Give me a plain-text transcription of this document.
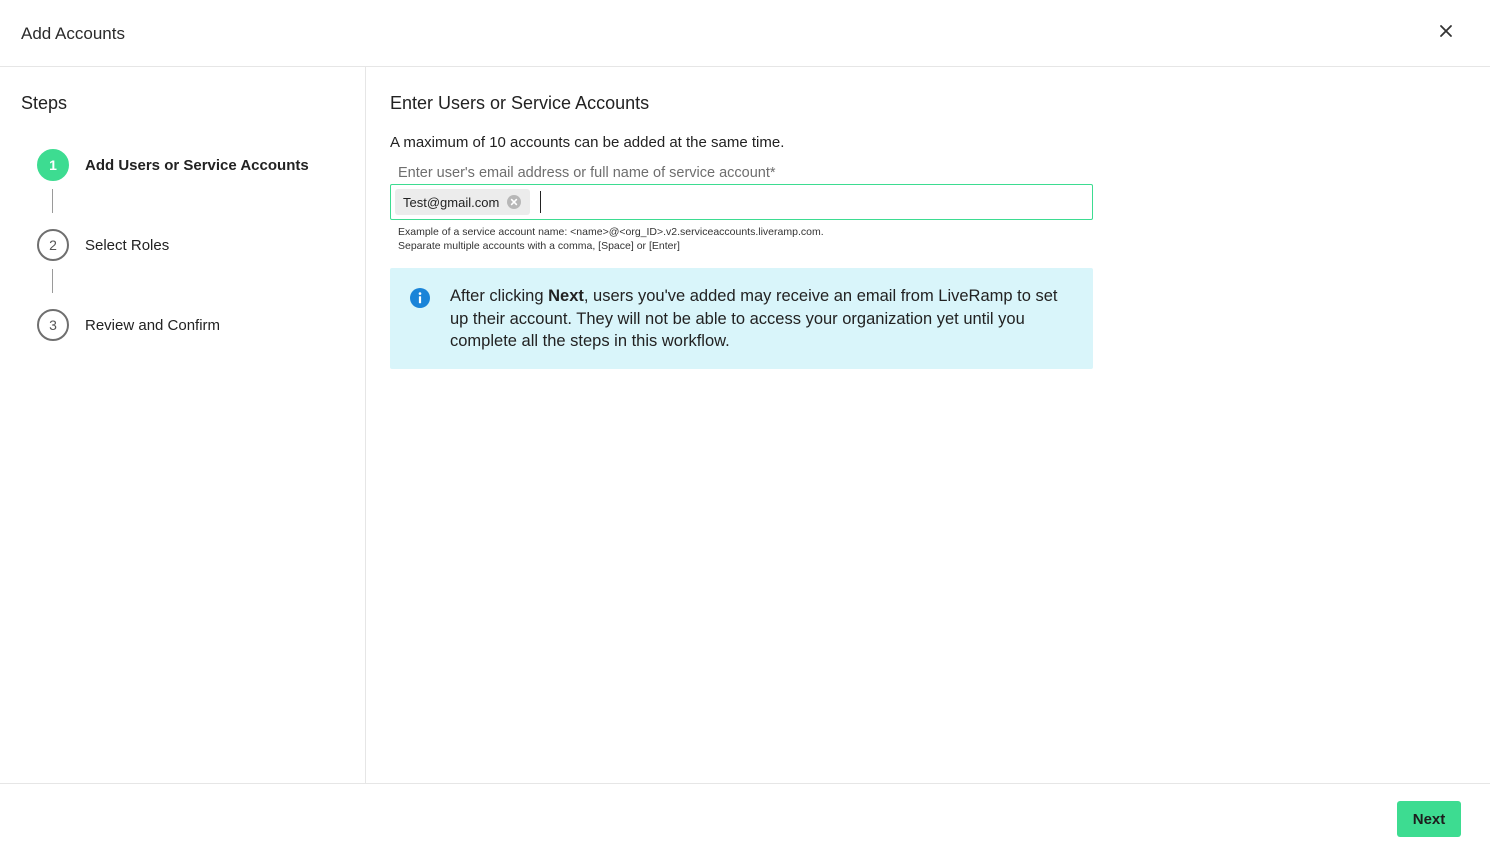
Add Accounts
Steps
1	Add Users or Service Accounts
2	Select Roles
3	Review and Confirm
Enter Users or Service Accounts
A maximum of 10 accounts can be added at the same time.
Enter user's email address or full name of service account*
Test@gmail.com
Example of a service account name: <name>@<org_ID>.v2.serviceaccounts.liveramp.com.
Separate multiple accounts with a comma, [Space] or [Enter]
After clicking Next, users you've added may receive an email from LiveRamp to set up their account. They will not be able to access your organization yet until you complete all the steps in this workflow.
Next
